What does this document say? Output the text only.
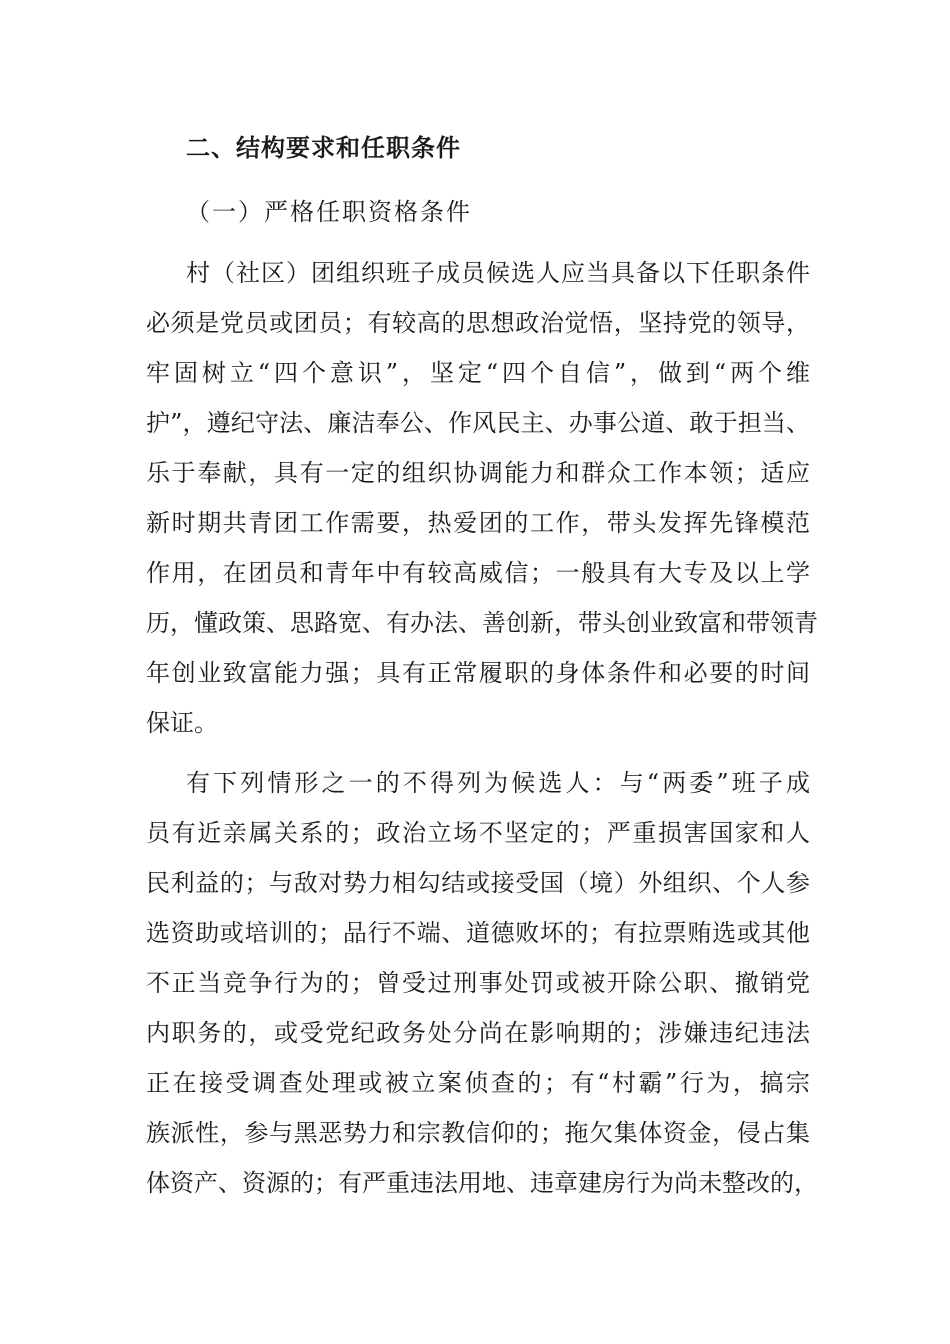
二、结构要求和任职条件
（一）严格任职资格条件
村（社区）团组织班子成员候选人应当具备以下任职条件
必须是党员或团员；有较高的思想政治觉悟，坚持党的领导，
牢固树立“四个意识”，坚定“四个自信”，做到“两个维
护”，遵纪守法、廉洁奉公、作风民主、办事公道、敢于担当、
乐于奉献，具有一定的组织协调能力和群众工作本领；适应
新时期共青团工作需要，热爱团的工作，带头发挥先锋模范
作用，在团员和青年中有较高威信；一般具有大专及以上学
历，懂政策、思路宽、有办法、善创新，带头创业致富和带领青
年创业致富能力强；具有正常履职的身体条件和必要的时间
保证。
有下列情形之一的不得列为候选人：与“两委”班子成
员有近亲属关系的；政治立场不坚定的；严重损害国家和人
民利益的；与敌对势力相勾结或接受国（境）外组织、个人参
选资助或培训的；品行不端、道德败坏的；有拉票贿选或其他
不正当竞争行为的；曾受过刑事处罚或被开除公职、撤销党
内职务的，或受党纪政务处分尚在影响期的；涉嫌违纪违法
正在接受调查处理或被立案侦查的；有“村霸”行为，搞宗
族派性，参与黑恶势力和宗教信仰的；拖欠集体资金，侵占集
体资产、资源的；有严重违法用地、违章建房行为尚未整改的，
